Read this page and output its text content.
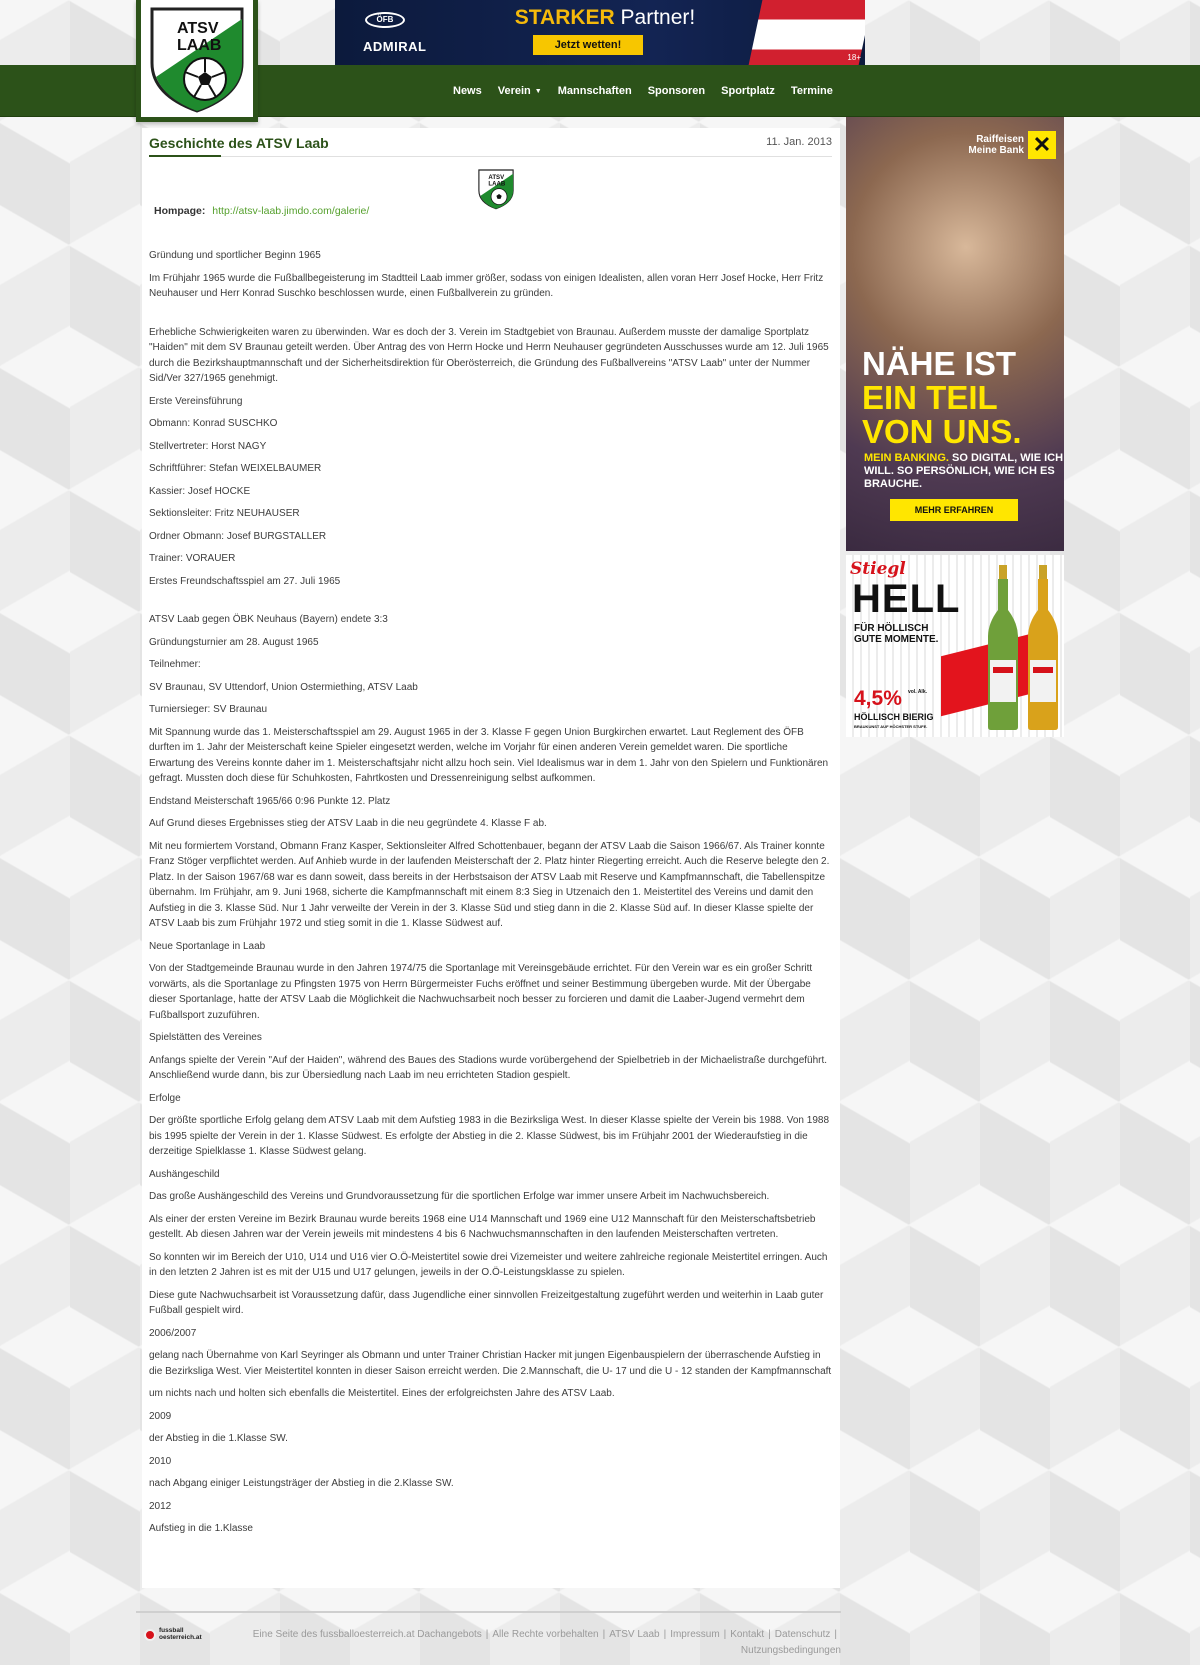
ÖFB
ADMIRAL
STARKER Partner!
Jetzt wetten!
18+
News Verein ▼ Mannschaften Sponsoren Sportplatz Termine
ATSV
LAAB
Geschichte des ATSV Laab	11. Jan. 2013
ATSV
LAAB
Hompage: http://atsv-laab.jimdo.com/galerie/

Gründung und sportlicher Beginn 1965

Im Frühjahr 1965 wurde die Fußballbegeisterung im Stadtteil Laab immer größer, sodass von einigen Idealisten, allen voran Herr Josef Hocke, Herr Fritz Neuhauser und Herr Konrad Suschko beschlossen wurde, einen Fußballverein zu gründen.

Erhebliche Schwierigkeiten waren zu überwinden. War es doch der 3. Verein im Stadtgebiet von Braunau. Außerdem musste der damalige Sportplatz "Haiden" mit dem SV Braunau geteilt werden. Über Antrag des von Herrn Hocke und Herrn Neuhauser gegründeten Ausschusses wurde am 12. Juli 1965 durch die Bezirkshauptmannschaft und der Sicherheitsdirektion für Oberösterreich, die Gründung des Fußballvereins "ATSV Laab" unter der Nummer Sid/Ver 327/1965 genehmigt.

Erste Vereinsführung

Obmann: Konrad SUSCHKO

Stellvertreter: Horst NAGY

Schriftführer: Stefan WEIXELBAUMER

Kassier: Josef HOCKE

Sektionsleiter: Fritz NEUHAUSER

Ordner Obmann: Josef BURGSTALLER

Trainer: VORAUER

Erstes Freundschaftsspiel am 27. Juli 1965

ATSV Laab gegen ÖBK Neuhaus (Bayern) endete 3:3

Gründungsturnier am 28. August 1965

Teilnehmer:

SV Braunau, SV Uttendorf, Union Ostermiething, ATSV Laab

Turniersieger: SV Braunau

Mit Spannung wurde das 1. Meisterschaftsspiel am 29. August 1965 in der 3. Klasse F gegen Union Burgkirchen erwartet. Laut Reglement des ÖFB durften im 1. Jahr der Meisterschaft keine Spieler eingesetzt werden, welche im Vorjahr für einen anderen Verein gemeldet waren. Die sportliche Erwartung des Vereins konnte daher im 1. Meisterschaftsjahr nicht allzu hoch sein. Viel Idealismus war in dem 1. Jahr von den Spielern und Funktionären gefragt. Mussten doch diese für Schuhkosten, Fahrtkosten und Dressenreinigung selbst aufkommen.

Endstand Meisterschaft 1965/66 0:96 Punkte 12. Platz

Auf Grund dieses Ergebnisses stieg der ATSV Laab in die neu gegründete 4. Klasse F ab.

Mit neu formiertem Vorstand, Obmann Franz Kasper, Sektionsleiter Alfred Schottenbauer, begann der ATSV Laab die Saison 1966/67. Als Trainer konnte Franz Stöger verpflichtet werden. Auf Anhieb wurde in der laufenden Meisterschaft der 2. Platz hinter Riegerting erreicht. Auch die Reserve belegte den 2. Platz. In der Saison 1967/68 war es dann soweit, dass bereits in der Herbstsaison der ATSV Laab mit Reserve und Kampfmannschaft, die Tabellenspitze übernahm. Im Frühjahr, am 9. Juni 1968, sicherte die Kampfmannschaft mit einem 8:3 Sieg in Utzenaich den 1. Meistertitel des Vereins und damit den Aufstieg in die 3. Klasse Süd. Nur 1 Jahr verweilte der Verein in der 3. Klasse Süd und stieg dann in die 2. Klasse Süd auf. In dieser Klasse spielte der ATSV Laab bis zum Frühjahr 1972 und stieg somit in die 1. Klasse Südwest auf.

Neue Sportanlage in Laab

Von der Stadtgemeinde Braunau wurde in den Jahren 1974/75 die Sportanlage mit Vereinsgebäude errichtet. Für den Verein war es ein großer Schritt vorwärts, als die Sportanlage zu Pfingsten 1975 von Herrn Bürgermeister Fuchs eröffnet und seiner Bestimmung übergeben wurde. Mit der Übergabe dieser Sportanlage, hatte der ATSV Laab die Möglichkeit die Nachwuchsarbeit noch besser zu forcieren und damit die Laaber-Jugend vermehrt dem Fußballsport zuzuführen.

Spielstätten des Vereines

Anfangs spielte der Verein "Auf der Haiden", während des Baues des Stadions wurde vorübergehend der Spielbetrieb in der Michaelistraße durchgeführt. Anschließend wurde dann, bis zur Übersiedlung nach Laab im neu errichteten Stadion gespielt.

Erfolge

Der größte sportliche Erfolg gelang dem ATSV Laab mit dem Aufstieg 1983 in die Bezirksliga West. In dieser Klasse spielte der Verein bis 1988. Von 1988 bis 1995 spielte der Verein in der 1. Klasse Südwest. Es erfolgte der Abstieg in die 2. Klasse Südwest, bis im Frühjahr 2001 der Wiederaufstieg in die derzeitige Spielklasse 1. Klasse Südwest gelang.

Aushängeschild

Das große Aushängeschild des Vereins und Grundvoraussetzung für die sportlichen Erfolge war immer unsere Arbeit im Nachwuchsbereich.

Als einer der ersten Vereine im Bezirk Braunau wurde bereits 1968 eine U14 Mannschaft und 1969 eine U12 Mannschaft für den Meisterschaftsbetrieb gestellt. Ab diesen Jahren war der Verein jeweils mit mindestens 4 bis 6 Nachwuchsmannschaften in den laufenden Meisterschaften vertreten.

So konnten wir im Bereich der U10, U14 und U16 vier O.Ö-Meistertitel sowie drei Vizemeister und weitere zahlreiche regionale Meistertitel erringen. Auch in den letzten 2 Jahren ist es mit der U15 und U17 gelungen, jeweils in der O.Ö-Leistungsklasse zu spielen.

Diese gute Nachwuchsarbeit ist Voraussetzung dafür, dass Jugendliche einer sinnvollen Freizeitgestaltung zugeführt werden und weiterhin in Laab guter Fußball gespielt wird.

2006/2007

gelang nach Übernahme von Karl Seyringer als Obmann und unter Trainer Christian Hacker mit jungen Eigenbauspielern der überraschende Aufstieg in die Bezirksliga West. Vier Meistertitel konnten in dieser Saison erreicht werden. Die 2.Mannschaft, die U- 17 und die U - 12 standen der Kampfmannschaft

um nichts nach und holten sich ebenfalls die Meistertitel. Eines der erfolgreichsten Jahre des ATSV Laab.

2009

der Abstieg in die 1.Klasse SW.

2010

nach Abgang einiger Leistungsträger der Abstieg in die 2.Klasse SW.

2012

Aufstieg in die 1.Klasse

Raiffeisen
Meine Bank ✕
NÄHE IST
EIN TEIL
VON UNS.
MEIN BANKING. SO DIGITAL, WIE ICH WILL. SO PERSÖNLICH, WIE ICH ES BRAUCHE.
MEHR ERFAHREN
Stiegl
HELL
FÜR HÖLLISCH
GUTE MOMENTE.
4,5% vol. Alk.
HÖLLISCH BIERIG
BRAUKUNST AUF HÖCHSTER STUFE.
fussball
oesterreich.at	Eine Seite des fussballoesterreich.at Dachangebots | Alle Rechte vorbehalten | ATSV Laab | Impressum | Kontakt | Datenschutz |
Nutzungsbedingungen
